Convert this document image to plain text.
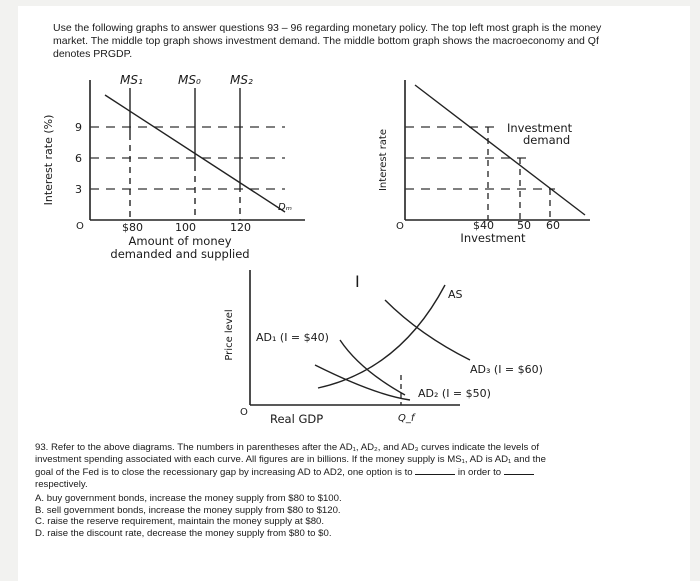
Use the following graphs to answer questions 93 – 96 regarding monetary policy. The top left most graph is the money
market. The middle top graph shows investment demand. The middle bottom graph shows the macroeconomy and Qf
denotes PRGDP.
Interest rate (%)
MS₁	MS₀ MS₂
Dₘ
9
6
3
O	$80	100	120
Amount of money
demanded and supplied
Interest rate
Investment
demand
O	$40 50 60
Investment
Price level
AS
AD₁ (I = $40)
AD₂ (I = $50)
AD₃ (I = $60)
O Real GDP	Q_f
I
93. Refer to the above diagrams. The numbers in parentheses after the AD₁, AD₂, and AD₃ curves indicate the levels of
investment spending associated with each curve. All figures are in billions. If the money supply is MS₁, AD is AD₁ and the
goal of the Fed is to close the recessionary gap by increasing AD to AD2, one option is to	in order to
respectively.
A. buy government bonds, increase the money supply from $80 to $100.
B. sell government bonds, increase the money supply from $80 to $120.
C. raise the reserve requirement, maintain the money supply at $80.
D. raise the discount rate, decrease the money supply from $80 to $0.
